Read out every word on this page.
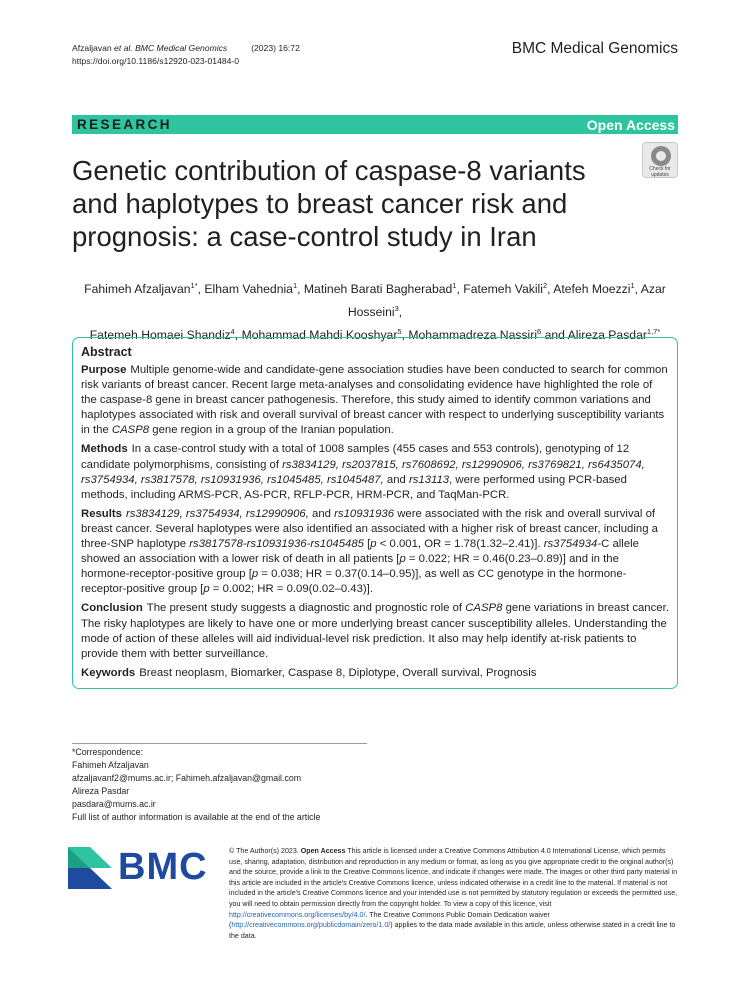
Afzaljavan et al. BMC Medical Genomics	(2023) 16:72
https://doi.org/10.1186/s12920-023-01484-0
BMC Medical Genomics
RESEARCH	Open Access
Genetic contribution of caspase-8 variants and haplotypes to breast cancer risk and prognosis: a case-control study in Iran
Check for
updates
Fahimeh Afzaljavan$^{1*}$, Elham Vahednia$^1$, Matineh Barati Bagherabad$^1$, Fatemeh Vakili$^2$, Atefeh Moezzi$^1$, Azar Hosseini$^3$,
Fatemeh Homaei Shandiz$^4$, Mohammad Mahdi Kooshyar$^5$, Mohammadreza Nassiri$^6$ and Alireza Pasdar$^{1,7*}$
Abstract

Purpose Multiple genome-wide and candidate-gene association studies have been conducted to search for common risk variants of breast cancer. Recent large meta-analyses and consolidating evidence have highlighted the role of the caspase-8 gene in breast cancer pathogenesis. Therefore, this study aimed to identify common variations and haplotypes associated with risk and overall survival of breast cancer with respect to underlying susceptibility variants in the CASP8 gene region in a group of the Iranian population.

Methods In a case-control study with a total of 1008 samples (455 cases and 553 controls), genotyping of 12 candidate polymorphisms, consisting of rs3834129, rs2037815, rs7608692, rs12990906, rs3769821, rs6435074, rs3754934, rs3817578, rs10931936, rs1045485, rs1045487, and rs13113, were performed using PCR-based methods, including ARMS-PCR, AS-PCR, RFLP-PCR, HRM-PCR, and TaqMan-PCR.

Results rs3834129, rs3754934, rs12990906, and rs10931936 were associated with the risk and overall survival of breast cancer. Several haplotypes were also identified an associated with a higher risk of breast cancer, including a three-SNP haplotype rs3817578-rs10931936-rs1045485 [p < 0.001, OR = 1.78(1.32–2.41)]. rs3754934-C allele showed an association with a lower risk of death in all patients [p = 0.022; HR = 0.46(0.23–0.89)] and in the hormone-receptor-positive group [p = 0.038; HR = 0.37(0.14–0.95)], as well as CC genotype in the hormone-receptor-positive group [p = 0.002; HR = 0.09(0.02–0.43)].

Conclusion The present study suggests a diagnostic and prognostic role of CASP8 gene variations in breast cancer. The risky haplotypes are likely to have one or more underlying breast cancer susceptibility alleles. Understanding the mode of action of these alleles will aid individual-level risk prediction. It also may help identify at-risk patients to provide them with better surveillance.

Keywords Breast neoplasm, Biomarker, Caspase 8, Diplotype, Overall survival, Prognosis

*Correspondence:
Fahimeh Afzaljavan
afzaljavanf2@mums.ac.ir; Fahimeh.afzaljavan@gmail.com
Alireza Pasdar
pasdara@mums.ac.ir
Full list of author information is available at the end of the article
BMC	© The Author(s) 2023. Open Access This article is licensed under a Creative Commons Attribution 4.0 International License, which permits use, sharing, adaptation, distribution and reproduction in any medium or format, as long as you give appropriate credit to the original author(s) and the source, provide a link to the Creative Commons licence, and indicate if changes were made. The images or other third party material in this article are included in the article's Creative Commons licence, unless indicated otherwise in a credit line to the material. If material is not included in the article's Creative Commons licence and your intended use is not permitted by statutory regulation or exceeds the permitted use, you will need to obtain permission directly from the copyright holder. To view a copy of this licence, visit http://creativecommons.org/licenses/by/4.0/. The Creative Commons Public Domain Dedication waiver (http://creativecommons.org/publicdomain/zero/1.0/) applies to the data made available in this article, unless otherwise stated in a credit line to the data.
